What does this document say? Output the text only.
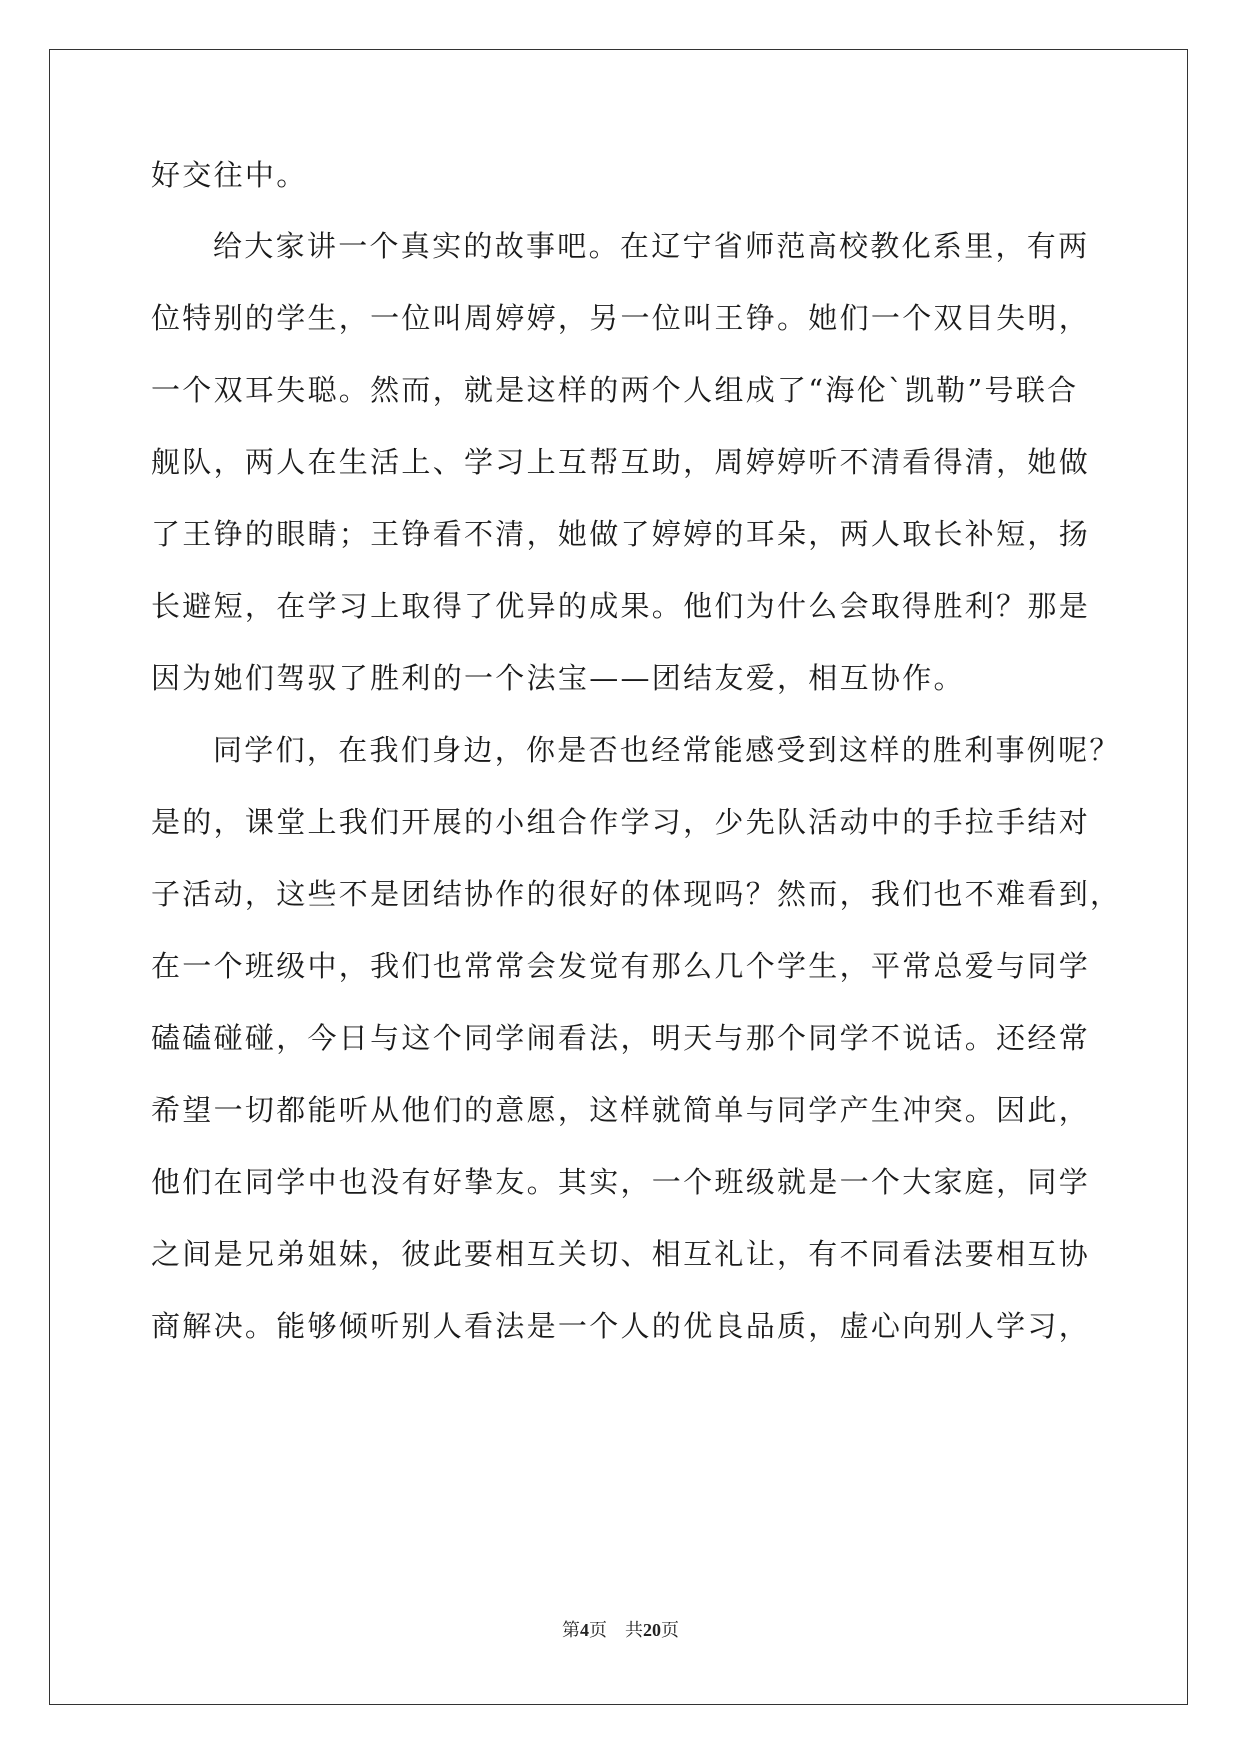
好交往中。
给大家讲一个真实的故事吧。在辽宁省师范高校教化系里，有两
位特别的学生，一位叫周婷婷，另一位叫王铮。她们一个双目失明，
一个双耳失聪。然而，就是这样的两个人组成了“海伦`凯勒”号联合
舰队，两人在生活上、学习上互帮互助，周婷婷听不清看得清，她做
了王铮的眼睛；王铮看不清，她做了婷婷的耳朵，两人取长补短，扬
长避短，在学习上取得了优异的成果。他们为什么会取得胜利？那是
因为她们驾驭了胜利的一个法宝——团结友爱，相互协作。
同学们，在我们身边，你是否也经常能感受到这样的胜利事例呢？
是的，课堂上我们开展的小组合作学习，少先队活动中的手拉手结对
子活动，这些不是团结协作的很好的体现吗？然而，我们也不难看到，
在一个班级中，我们也常常会发觉有那么几个学生，平常总爱与同学
磕磕碰碰，今日与这个同学闹看法，明天与那个同学不说话。还经常
希望一切都能听从他们的意愿，这样就简单与同学产生冲突。因此，
他们在同学中也没有好挚友。其实，一个班级就是一个大家庭，同学
之间是兄弟姐妹，彼此要相互关切、相互礼让，有不同看法要相互协
商解决。能够倾听别人看法是一个人的优良品质，虚心向别人学习，
第4页 共20页
